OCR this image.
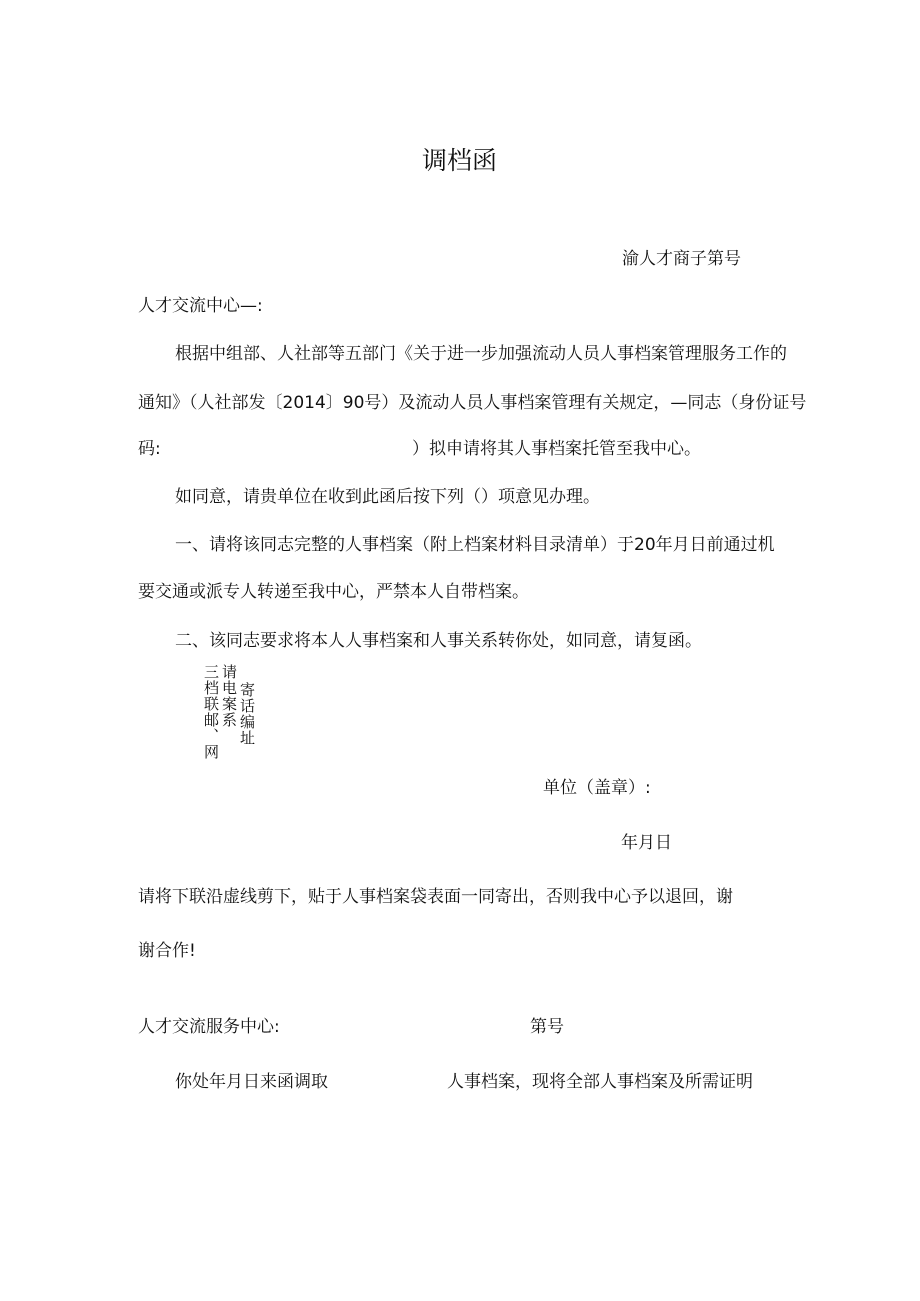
调档函
渝人才商子第号
人才交流中心—:
根据中组部、人社部等五部门《关于进一步加强流动人员人事档案管理服务工作的
通知》（人社部发〔2014〕90号）及流动人员人事档案管理有关规定，—同志（身份证号
码:	）拟申请将其人事档案托管至我中心。
如同意，请贵单位在收到此函后按下列（）项意见办理。
一、请将该同志完整的人事档案（附上档案材料目录清单）于20年月日前通过机
要交通或派专人转递至我中心，严禁本人自带档案。
二、该同志要求将本人人事档案和人事关系转你处，如同意，请复函。
寄话编址
请电案系
三档联邮、网
单位（盖章）:
年月日
请将下联沿虚线剪下，贴于人事档案袋表面一同寄出，否则我中心予以退回，谢
谢合作!
人才交流服务中心:	第号
你处年月日来函调取	人事档案，现将全部人事档案及所需证明
